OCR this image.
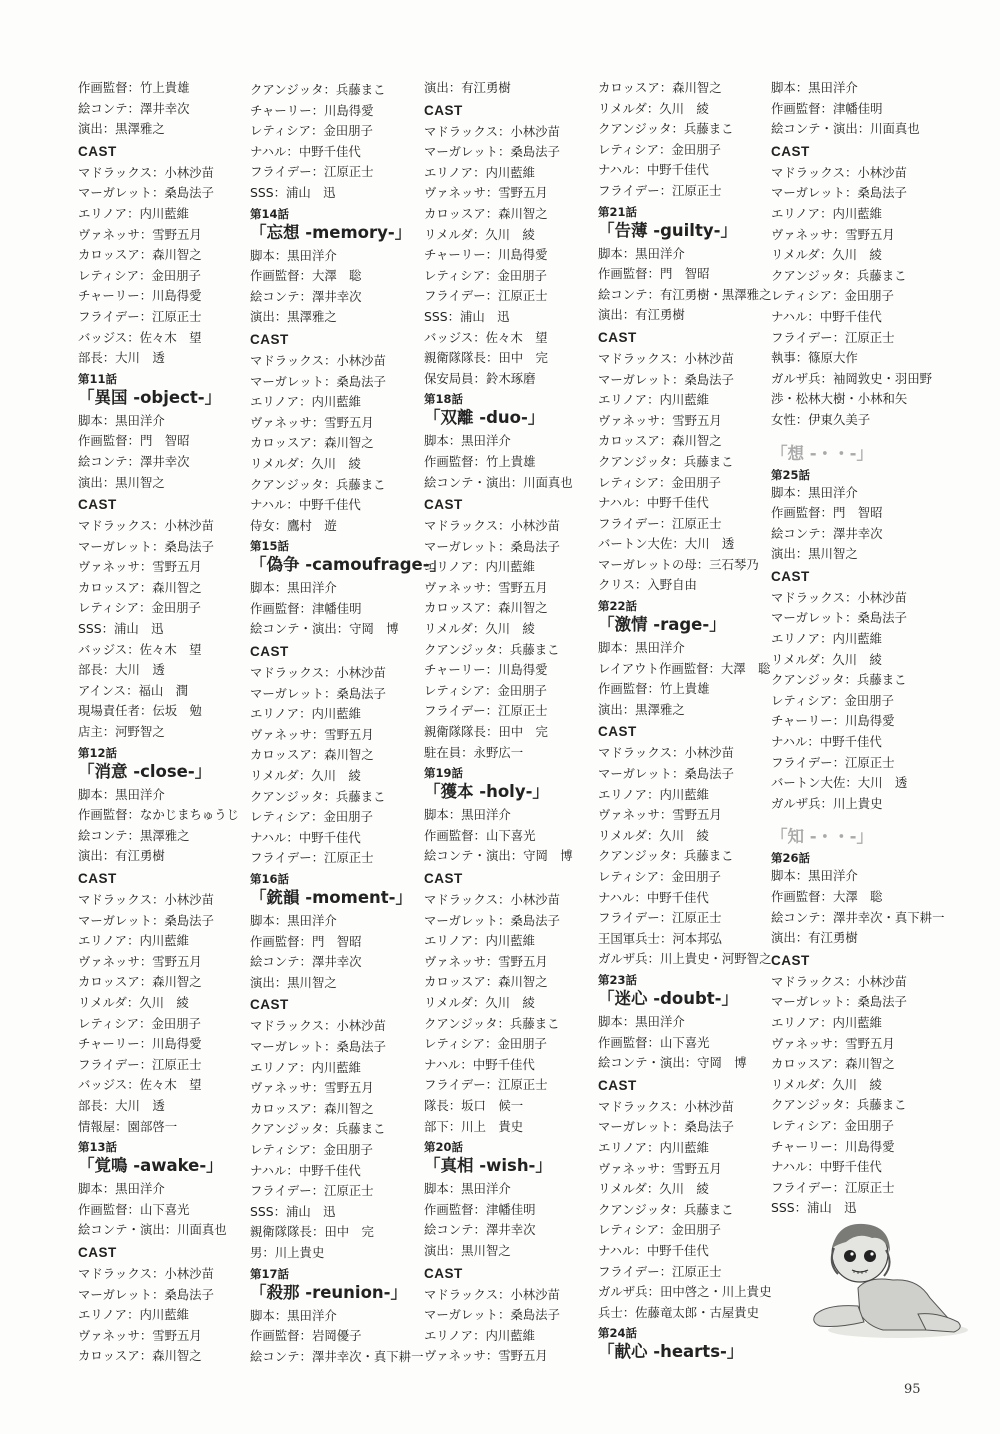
作画監督：竹上貴雄
絵コンテ：澤井幸次
演出：黒澤雅之
CAST
マドラックス：小林沙苗
マーガレット：桑島法子
エリノア：内川藍維
ヴァネッサ：雪野五月
カロッスア：森川智之
レティシア：金田朋子
チャーリー：川島得愛
フライデー：江原正士
バッジス：佐々木　望
部長：大川　透
第11話
「異国 -object-」
脚本：黒田洋介
作画監督：門　智昭
絵コンテ：澤井幸次
演出：黒川智之
CAST
マドラックス：小林沙苗
マーガレット：桑島法子
ヴァネッサ：雪野五月
カロッスア：森川智之
レティシア：金田朋子
SSS：浦山　迅
バッジス：佐々木　望
部長：大川　透
アインス：福山　潤
現場責任者：伝坂　勉
店主：河野智之
第12話
「消意 -close-」
脚本：黒田洋介
作画監督：なかじまちゅうじ
絵コンテ：黒澤雅之
演出：有江勇樹
CAST
マドラックス：小林沙苗
マーガレット：桑島法子
エリノア：内川藍維
ヴァネッサ：雪野五月
カロッスア：森川智之
リメルダ：久川　綾
レティシア：金田朋子
チャーリー：川島得愛
フライデー：江原正士
バッジス：佐々木　望
部長：大川　透
情報屋：園部啓一
第13話
「覚鳴 -awake-」
脚本：黒田洋介
作画監督：山下喜光
絵コンテ・演出：川面真也
CAST
マドラックス：小林沙苗
マーガレット：桑島法子
エリノア：内川藍維
ヴァネッサ：雪野五月
カロッスア：森川智之
クアンジッタ：兵藤まこ
チャーリー：川島得愛
レティシア：金田朋子
ナハル：中野千佳代
フライデー：江原正士
SSS：浦山　迅
第14話
「忘想 -memory-」
脚本：黒田洋介
作画監督：大澤　聡
絵コンテ：澤井幸次
演出：黒澤雅之
CAST
マドラックス：小林沙苗
マーガレット：桑島法子
エリノア：内川藍維
ヴァネッサ：雪野五月
カロッスア：森川智之
リメルダ：久川　綾
クアンジッタ：兵藤まこ
ナハル：中野千佳代
侍女：鷹村　遊
第15話
「偽争 -camoufrage-」
脚本：黒田洋介
作画監督：津幡佳明
絵コンテ・演出：守岡　博
CAST
マドラックス：小林沙苗
マーガレット：桑島法子
エリノア：内川藍維
ヴァネッサ：雪野五月
カロッスア：森川智之
リメルダ：久川　綾
クアンジッタ：兵藤まこ
レティシア：金田朋子
ナハル：中野千佳代
フライデー：江原正士
第16話
「銃韻 -moment-」
脚本：黒田洋介
作画監督：門　智昭
絵コンテ：澤井幸次
演出：黒川智之
CAST
マドラックス：小林沙苗
マーガレット：桑島法子
エリノア：内川藍維
ヴァネッサ：雪野五月
カロッスア：森川智之
クアンジッタ：兵藤まこ
レティシア：金田朋子
ナハル：中野千佳代
フライデー：江原正士
SSS：浦山　迅
親衛隊隊長：田中　完
男：川上貴史
第17話
「殺那 -reunion-」
脚本：黒田洋介
作画監督：岩岡優子
絵コンテ：澤井幸次・真下耕一
演出：有江勇樹
CAST
マドラックス：小林沙苗
マーガレット：桑島法子
エリノア：内川藍維
ヴァネッサ：雪野五月
カロッスア：森川智之
リメルダ：久川　綾
チャーリー：川島得愛
レティシア：金田朋子
フライデー：江原正士
SSS：浦山　迅
バッジス：佐々木　望
親衛隊隊長：田中　完
保安局員：鈴木琢磨
第18話
「双離 -duo-」
脚本：黒田洋介
作画監督：竹上貴雄
絵コンテ・演出：川面真也
CAST
マドラックス：小林沙苗
マーガレット：桑島法子
エリノア：内川藍維
ヴァネッサ：雪野五月
カロッスア：森川智之
リメルダ：久川　綾
クアンジッタ：兵藤まこ
チャーリー：川島得愛
レティシア：金田朋子
フライデー：江原正士
親衛隊隊長：田中　完
駐在員：永野広一
第19話
「獲本 -holy-」
脚本：黒田洋介
作画監督：山下喜光
絵コンテ・演出：守岡　博
CAST
マドラックス：小林沙苗
マーガレット：桑島法子
エリノア：内川藍維
ヴァネッサ：雪野五月
カロッスア：森川智之
リメルダ：久川　綾
クアンジッタ：兵藤まこ
レティシア：金田朋子
ナハル：中野千佳代
フライデー：江原正士
隊長：坂口　候一
部下：川上　貴史
第20話
「真相 -wish-」
脚本：黒田洋介
作画監督：津幡佳明
絵コンテ：澤井幸次
演出：黒川智之
CAST
マドラックス：小林沙苗
マーガレット：桑島法子
エリノア：内川藍維
ヴァネッサ：雪野五月
カロッスア：森川智之
リメルダ：久川　綾
クアンジッタ：兵藤まこ
レティシア：金田朋子
ナハル：中野千佳代
フライデー：江原正士
第21話
「告薄 -guilty-」
脚本：黒田洋介
作画監督：門　智昭
絵コンテ：有江勇樹・黒澤雅之
演出：有江勇樹
CAST
マドラックス：小林沙苗
マーガレット：桑島法子
エリノア：内川藍維
ヴァネッサ：雪野五月
カロッスア：森川智之
クアンジッタ：兵藤まこ
レティシア：金田朋子
ナハル：中野千佳代
フライデー：江原正士
バートン大佐：大川　透
マーガレットの母：三石琴乃
クリス：入野自由
第22話
「激情 -rage-」
脚本：黒田洋介
レイアウト作画監督：大澤　聡
作画監督：竹上貴雄
演出：黒澤雅之
CAST
マドラックス：小林沙苗
マーガレット：桑島法子
エリノア：内川藍維
ヴァネッサ：雪野五月
リメルダ：久川　綾
クアンジッタ：兵藤まこ
レティシア：金田朋子
ナハル：中野千佳代
フライデー：江原正士
王国軍兵士：河本邦弘
ガルザ兵：川上貴史・河野智之
第23話
「迷心 -doubt-」
脚本：黒田洋介
作画監督：山下喜光
絵コンテ・演出：守岡　博
CAST
マドラックス：小林沙苗
マーガレット：桑島法子
エリノア：内川藍維
ヴァネッサ：雪野五月
リメルダ：久川　綾
クアンジッタ：兵藤まこ
レティシア：金田朋子
ナハル：中野千佳代
フライデー：江原正士
ガルザ兵：田中啓之・川上貴史
兵士：佐藤竜太郎・古屋貴史
第24話
「献心 -hearts-」
脚本：黒田洋介
作画監督：津幡佳明
絵コンテ・演出：川面真也
CAST
マドラックス：小林沙苗
マーガレット：桑島法子
エリノア：内川藍維
ヴァネッサ：雪野五月
リメルダ：久川　綾
クアンジッタ：兵藤まこ
レティシア：金田朋子
ナハル：中野千佳代
フライデー：江原正士
執事：篠原大作
ガルザ兵：袖岡敦史・羽田野
渉・松林大樹・小林和矢
女性：伊東久美子
「想 -・・-」
第25話
脚本：黒田洋介
作画監督：門　智昭
絵コンテ：澤井幸次
演出：黒川智之
CAST
マドラックス：小林沙苗
マーガレット：桑島法子
エリノア：内川藍維
リメルダ：久川　綾
クアンジッタ：兵藤まこ
レティシア：金田朋子
チャーリー：川島得愛
ナハル：中野千佳代
フライデー：江原正士
バートン大佐：大川　透
ガルザ兵：川上貴史
「知 -・・-」
第26話
脚本：黒田洋介
作画監督：大澤　聡
絵コンテ：澤井幸次・真下耕一
演出：有江勇樹
CAST
マドラックス：小林沙苗
マーガレット：桑島法子
エリノア：内川藍維
ヴァネッサ：雪野五月
カロッスア：森川智之
リメルダ：久川　綾
クアンジッタ：兵藤まこ
レティシア：金田朋子
チャーリー：川島得愛
ナハル：中野千佳代
フライデー：江原正士
SSS：浦山　迅
95
